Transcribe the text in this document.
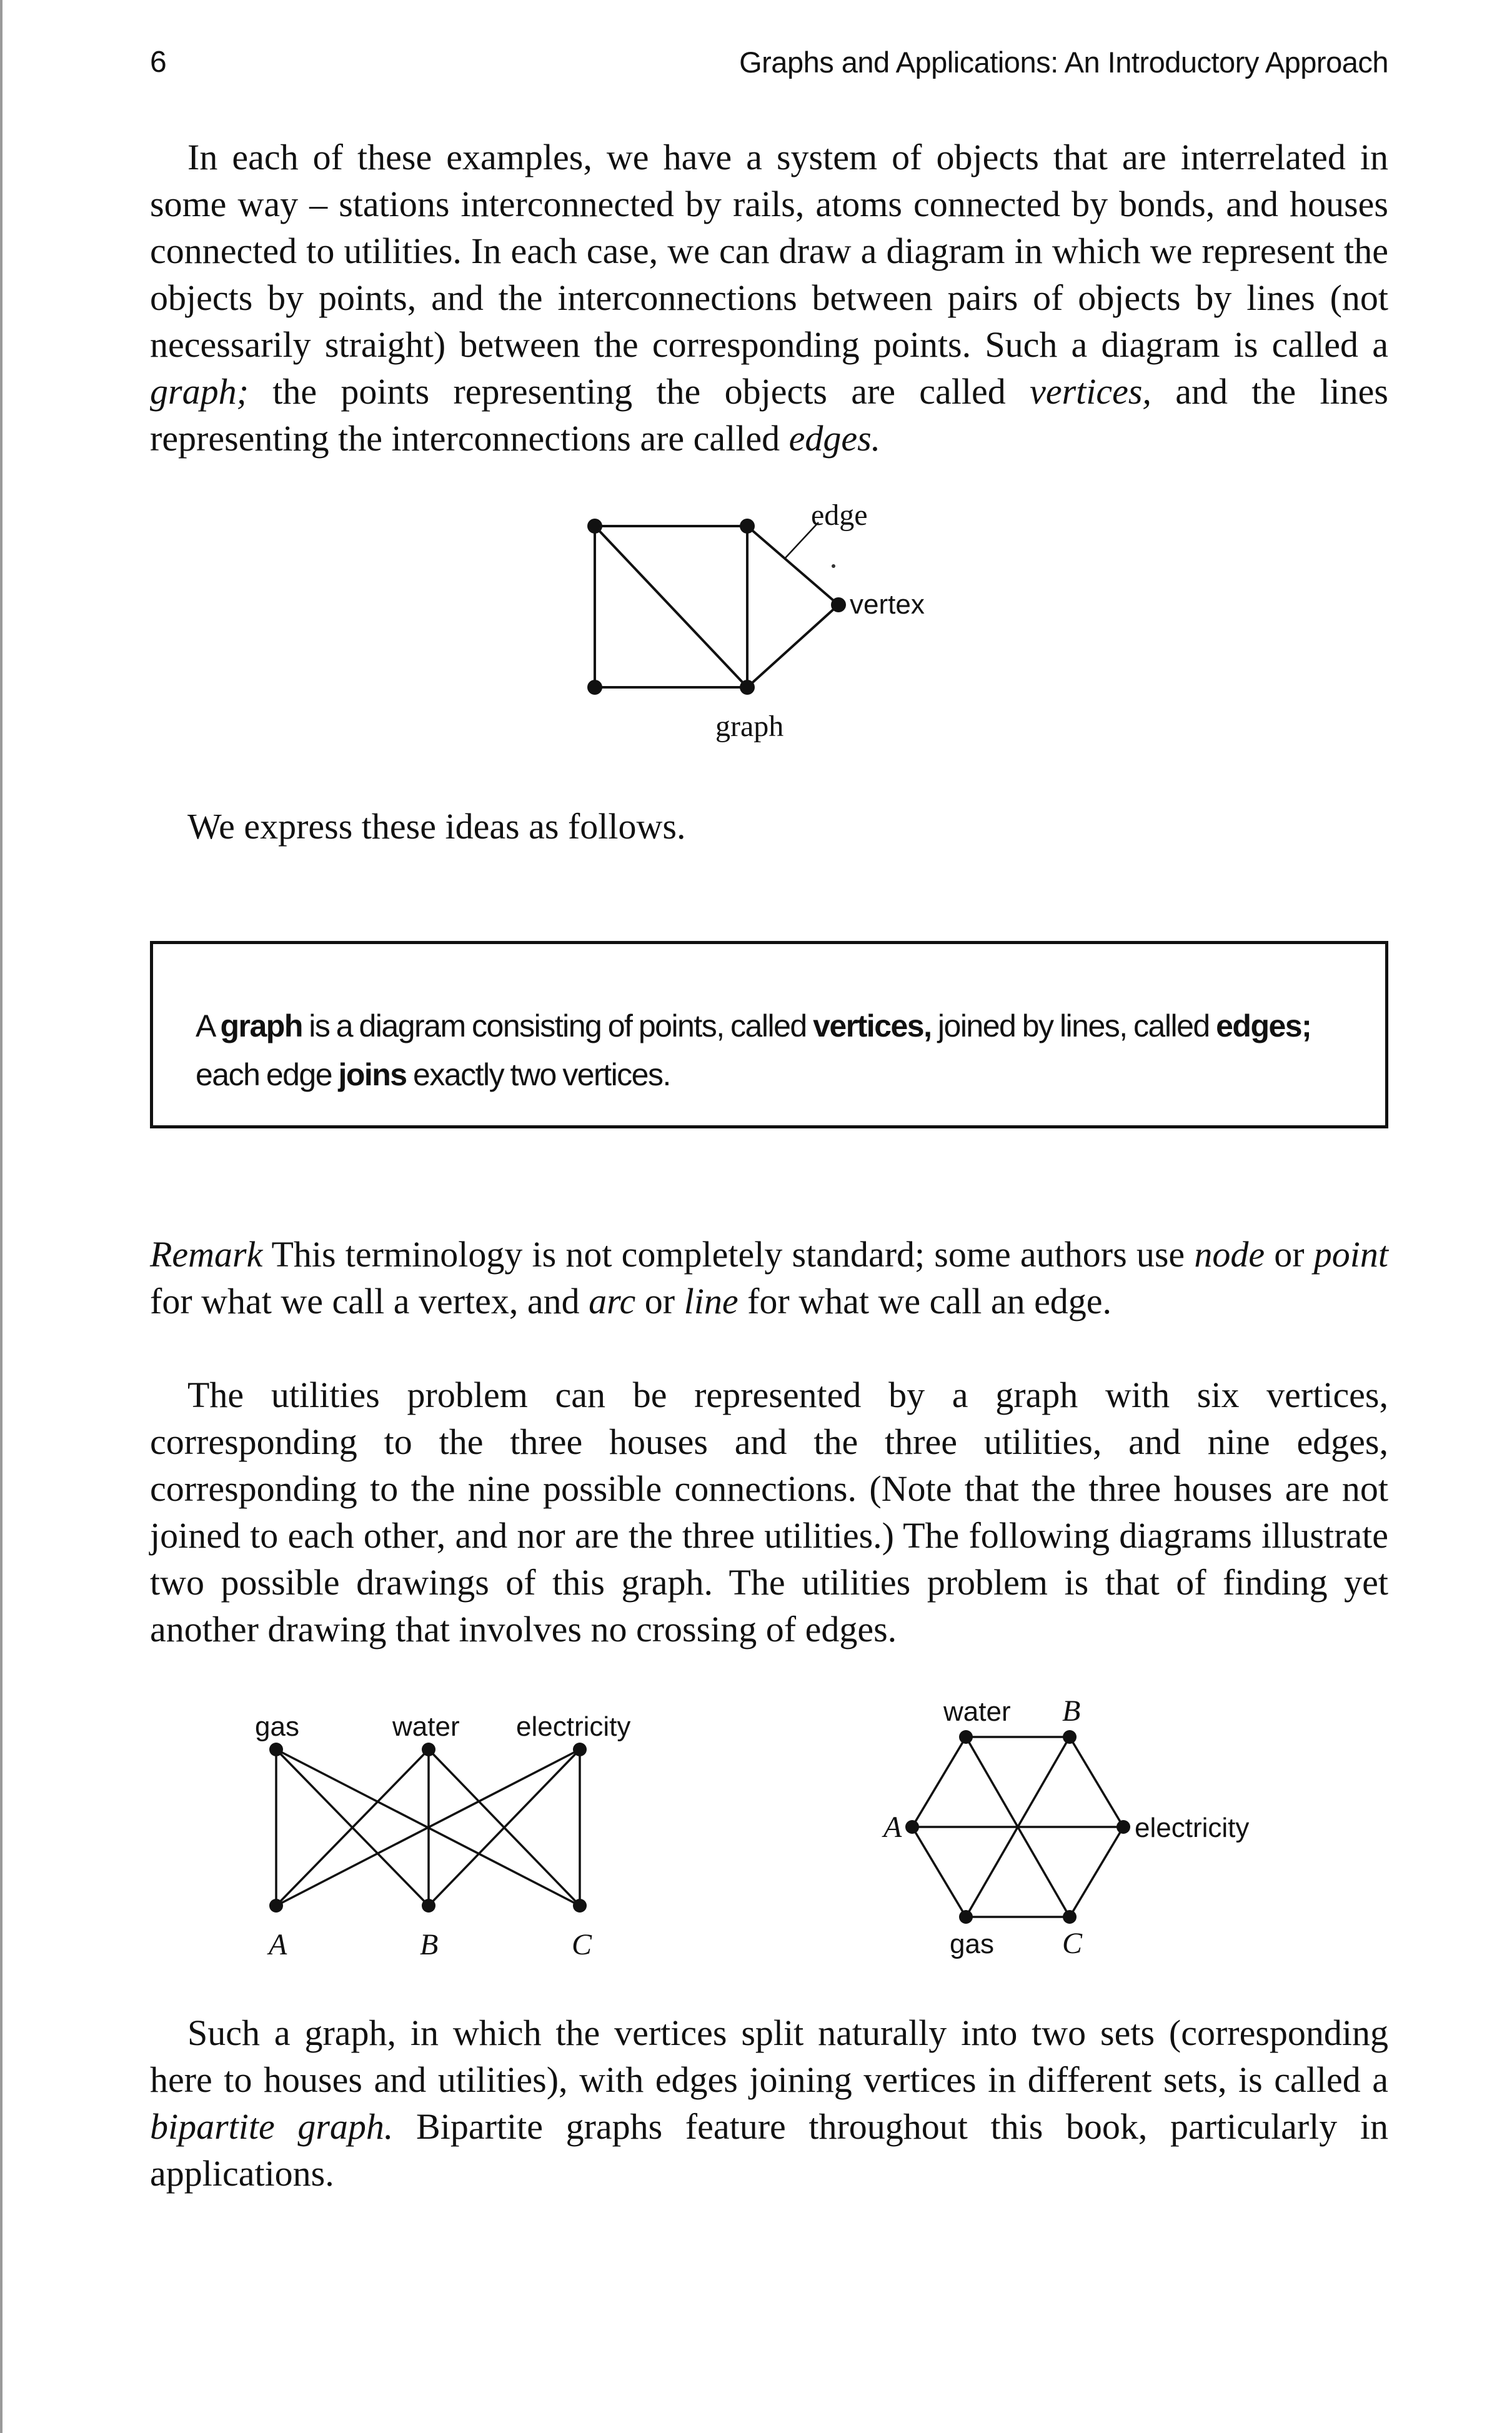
6	Graphs and Applications: An Introductory Approach

In each of these examples, we have a system of objects that are interrelated in some way – stations interconnected by rails, atoms connected by bonds, and houses connected to utilities. In each case, we can draw a diagram in which we represent the objects by points, and the interconnections between pairs of objects by lines (not necessarily straight) between the corresponding points. Such a diagram is called a graph; the points representing the objects are called vertices, and the lines representing the interconnections are called edges.

edge
vertex
graph

We express these ideas as follows.

A graph is a diagram consisting of points, called vertices, joined by lines, called edges; each edge joins exactly two vertices.

Remark This terminology is not completely standard; some authors use node or point for what we call a vertex, and arc or line for what we call an edge.

The utilities problem can be represented by a graph with six vertices, corresponding to the three houses and the three utilities, and nine edges, corresponding to the nine possible connections. (Note that the three houses are not joined to each other, and nor are the three utilities.) The following diagrams illustrate two possible drawings of this graph. The utilities problem is that of finding yet another drawing that involves no crossing of edges.

gas	water electricity
A	B	C
water B
A	electricity
gas C

Such a graph, in which the vertices split naturally into two sets (corresponding here to houses and utilities), with edges joining vertices in different sets, is called a bipartite graph. Bipartite graphs feature throughout this book, particularly in applications.
